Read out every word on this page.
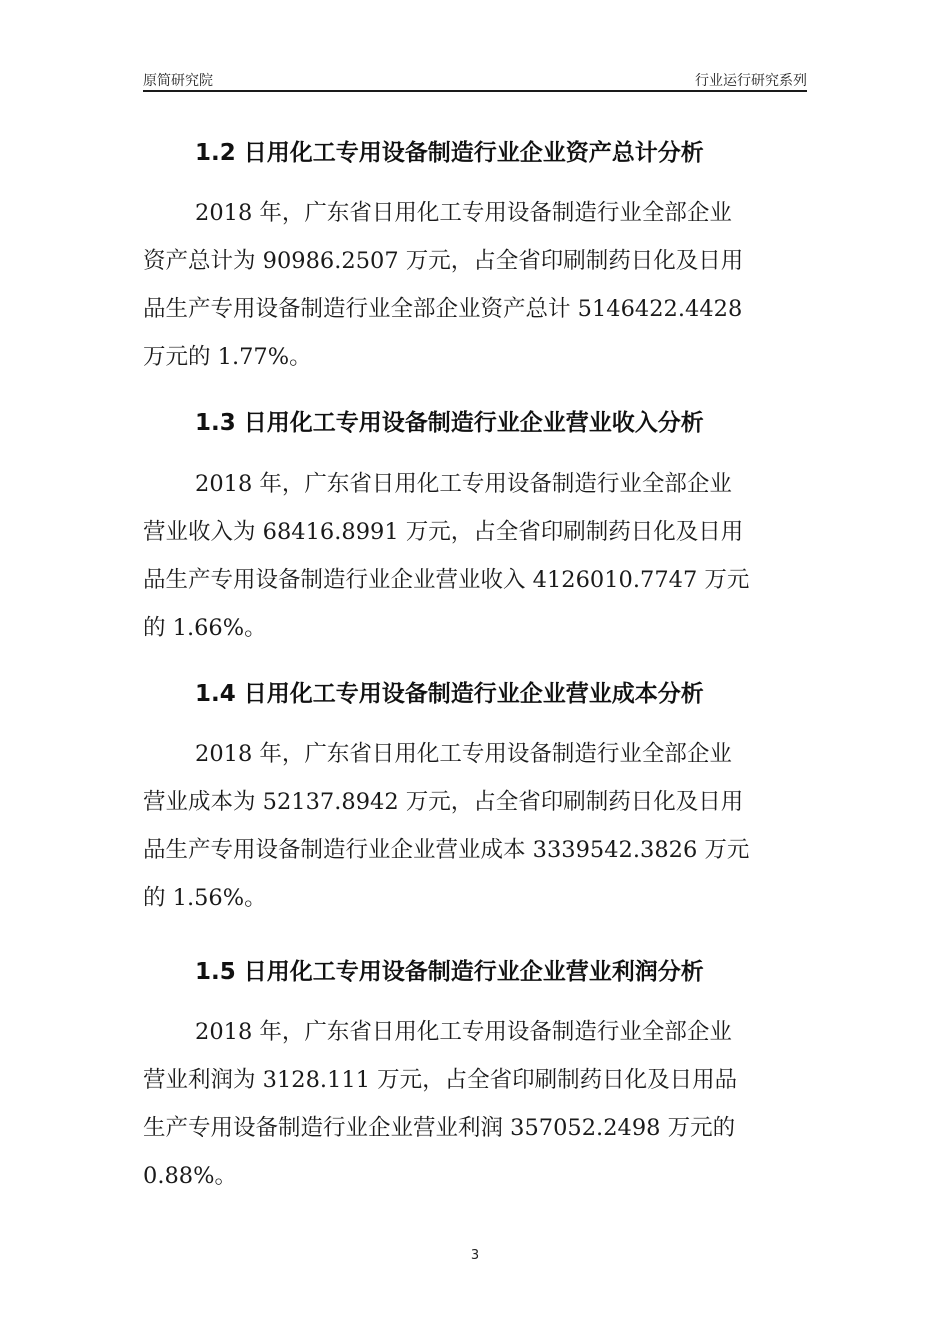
原简研究院	行业运行研究系列
1.2 日用化工专用设备制造行业企业资产总计分析
2018 年，广东省日用化工专用设备制造行业全部企业
资产总计为 90986.2507 万元，占全省印刷制药日化及日用
品生产专用设备制造行业全部企业资产总计 5146422.4428
万元的 1.77%。
1.3 日用化工专用设备制造行业企业营业收入分析
2018 年，广东省日用化工专用设备制造行业全部企业
营业收入为 68416.8991 万元，占全省印刷制药日化及日用
品生产专用设备制造行业企业营业收入 4126010.7747 万元
的 1.66%。
1.4 日用化工专用设备制造行业企业营业成本分析
2018 年，广东省日用化工专用设备制造行业全部企业
营业成本为 52137.8942 万元，占全省印刷制药日化及日用
品生产专用设备制造行业企业营业成本 3339542.3826 万元
的 1.56%。
1.5 日用化工专用设备制造行业企业营业利润分析
2018 年，广东省日用化工专用设备制造行业全部企业
营业利润为 3128.111 万元，占全省印刷制药日化及日用品
生产专用设备制造行业企业营业利润 357052.2498 万元的
0.88%。
3
